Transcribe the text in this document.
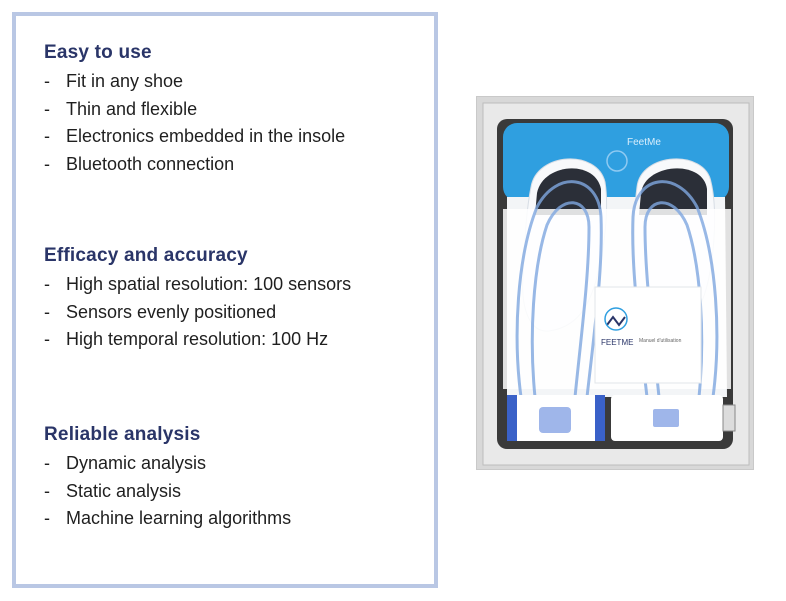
Easy to use
- Fit in any shoe
- Thin and flexible
- Electronics embedded in the insole
- Bluetooth connection
Efficacy and accuracy
- High spatial resolution: 100 sensors
- Sensors evenly positioned
- High temporal resolution: 100 Hz
Reliable analysis
- Dynamic analysis
- Static analysis
- Machine learning algorithms
FeetMe
FEETME Manuel d'utilisation
